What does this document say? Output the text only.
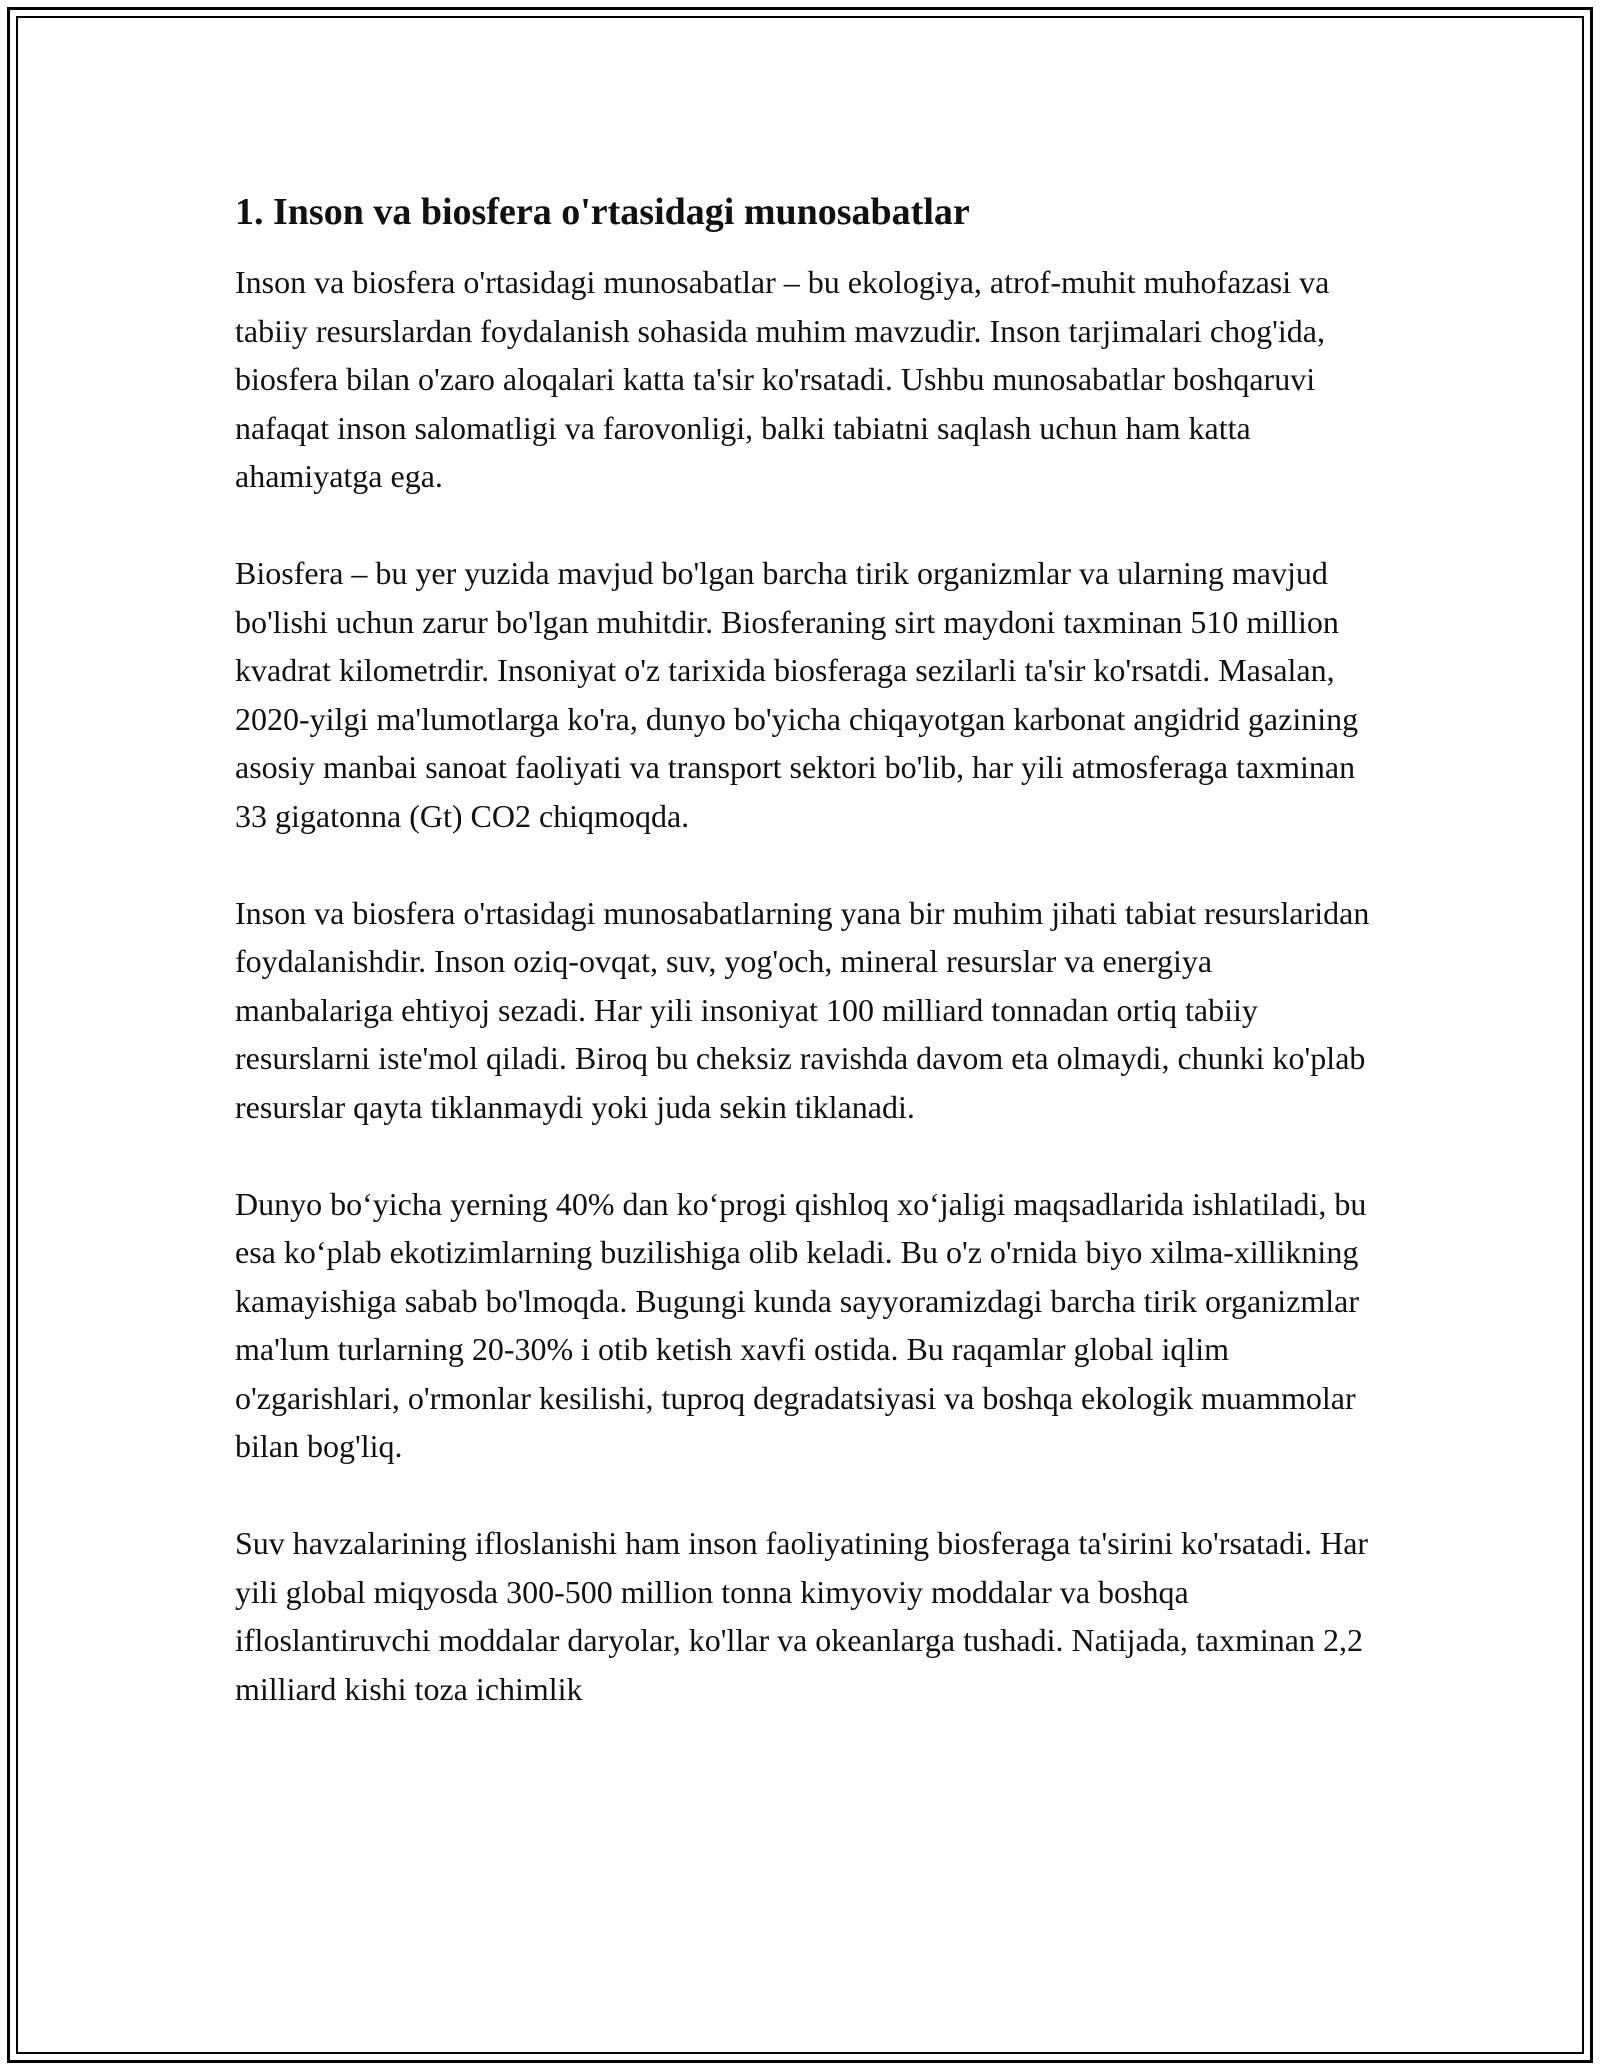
1. Inson va biosfera o'rtasidagi munosabatlar

Inson va biosfera o'rtasidagi munosabatlar – bu ekologiya, atrof-muhit muhofazasi va tabiiy resurslardan foydalanish sohasida muhim mavzudir. Inson tarjimalari chog'ida, biosfera bilan o'zaro aloqalari katta ta'sir ko'rsatadi. Ushbu munosabatlar boshqaruvi nafaqat inson salomatligi va farovonligi, balki tabiatni saqlash uchun ham katta ahamiyatga ega.

Biosfera – bu yer yuzida mavjud bo'lgan barcha tirik organizmlar va ularning mavjud bo'lishi uchun zarur bo'lgan muhitdir. Biosferaning sirt maydoni taxminan 510 million kvadrat kilometrdir. Insoniyat o'z tarixida biosferaga sezilarli ta'sir ko'rsatdi. Masalan, 2020-yilgi ma'lumotlarga ko'ra, dunyo bo'yicha chiqayotgan karbonat angidrid gazining asosiy manbai sanoat faoliyati va transport sektori bo'lib, har yili atmosferaga taxminan 33 gigatonna (Gt) CO2 chiqmoqda.

Inson va biosfera o'rtasidagi munosabatlarning yana bir muhim jihati tabiat resurslaridan foydalanishdir. Inson oziq-ovqat, suv, yog'och, mineral resurslar va energiya manbalariga ehtiyoj sezadi. Har yili insoniyat 100 milliard tonnadan ortiq tabiiy resurslarni iste'mol qiladi. Biroq bu cheksiz ravishda davom eta olmaydi, chunki ko'plab resurslar qayta tiklanmaydi yoki juda sekin tiklanadi.

Dunyo bo‘yicha yerning 40% dan ko‘progi qishloq xo‘jaligi maqsadlarida ishlatiladi, bu esa ko‘plab ekotizimlarning buzilishiga olib keladi. Bu o'z o'rnida biyo xilma-xillikning kamayishiga sabab bo'lmoqda. Bugungi kunda sayyoramizdagi barcha tirik organizmlar ma'lum turlarning 20-30% i otib ketish xavfi ostida. Bu raqamlar global iqlim o'zgarishlari, o'rmonlar kesilishi, tuproq degradatsiyasi va boshqa ekologik muammolar bilan bog'liq.

Suv havzalarining ifloslanishi ham inson faoliyatining biosferaga ta'sirini ko'rsatadi. Har yili global miqyosda 300-500 million tonna kimyoviy moddalar va boshqa ifloslantiruvchi moddalar daryolar, ko'llar va okeanlarga tushadi. Natijada, taxminan 2,2 milliard kishi toza ichimlik
